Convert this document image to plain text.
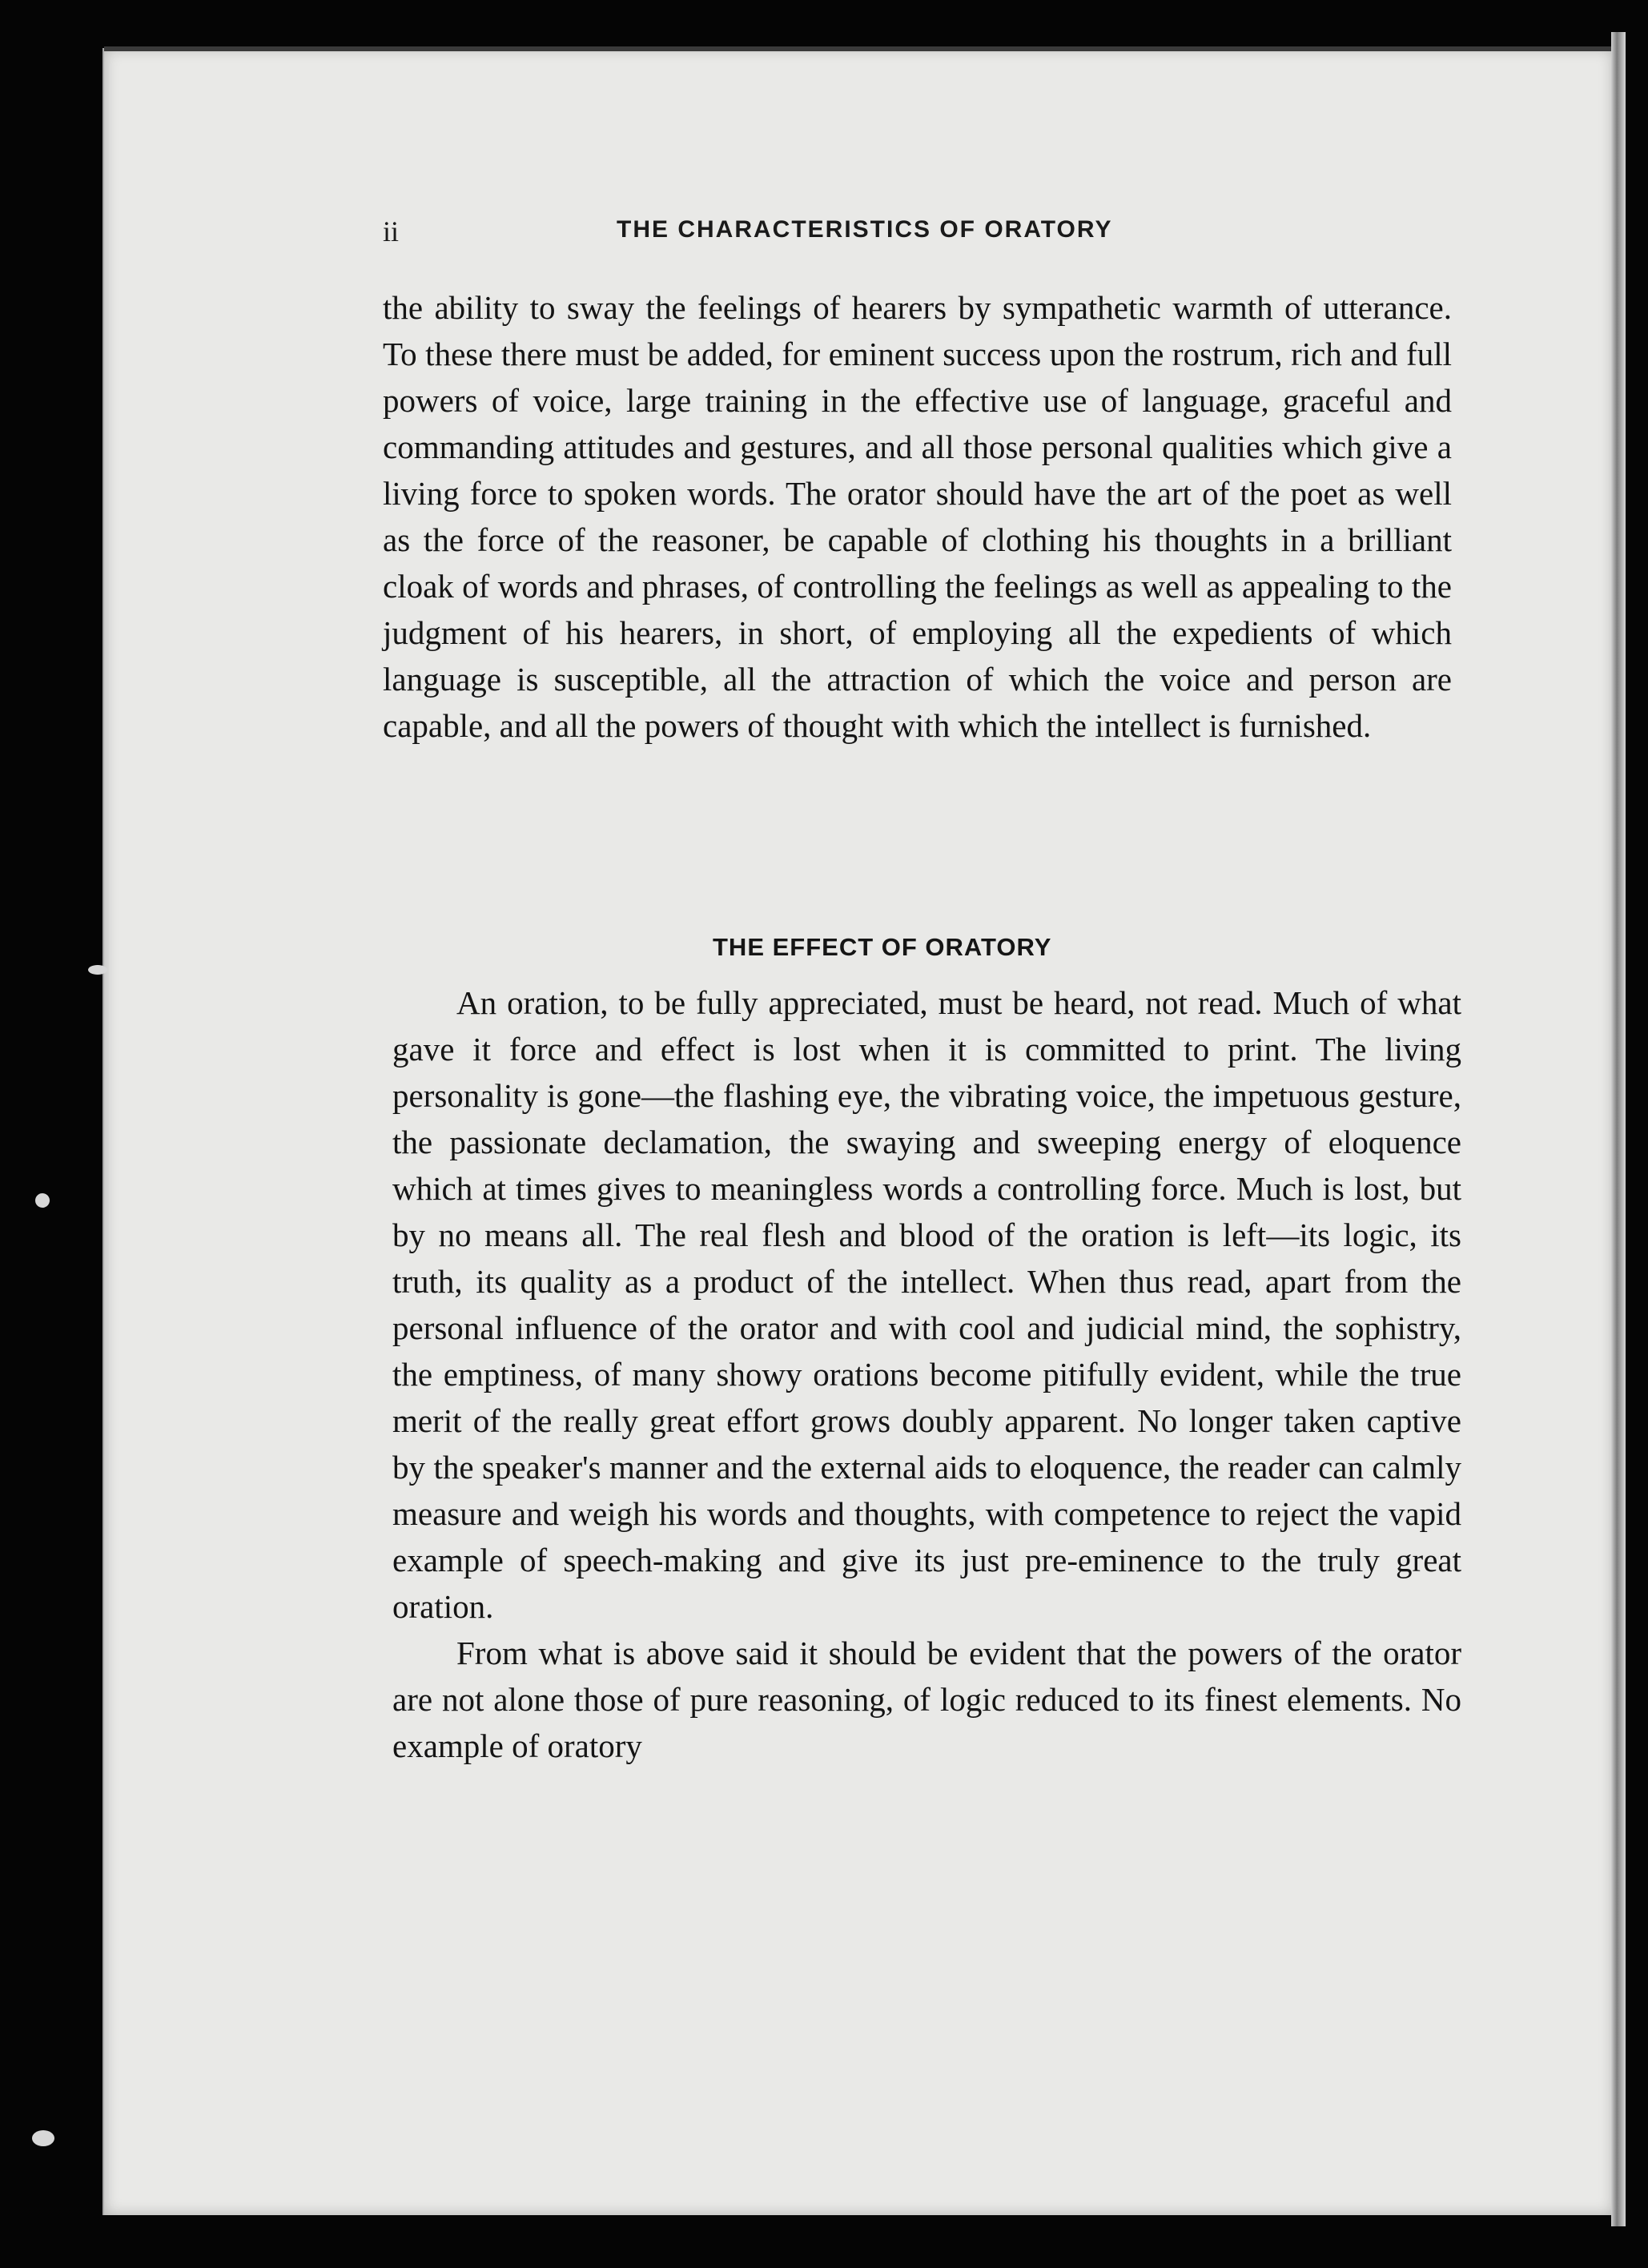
ii	THE CHARACTERISTICS OF ORATORY

the ability to sway the feelings of hearers by sympathetic warmth of utterance. To these there must be added, for eminent success upon the rostrum, rich and full powers of voice, large training in the effective use of language, graceful and commanding attitudes and gestures, and all those personal qualities which give a living force to spoken words. The orator should have the art of the poet as well as the force of the reasoner, be capable of clothing his thoughts in a brilliant cloak of words and phrases, of controlling the feelings as well as appealing to the judgment of his hearers, in short, of employing all the expedients of which language is susceptible, all the attraction of which the voice and person are capable, and all the powers of thought with which the intellect is furnished.

THE EFFECT OF ORATORY

An oration, to be fully appreciated, must be heard, not read. Much of what gave it force and effect is lost when it is committed to print. The living personality is gone—the flashing eye, the vibrating voice, the impetuous gesture, the passionate declamation, the swaying and sweeping energy of eloquence which at times gives to meaningless words a controlling force. Much is lost, but by no means all. The real flesh and blood of the oration is left—its logic, its truth, its quality as a product of the intellect. When thus read, apart from the personal influence of the orator and with cool and judicial mind, the sophistry, the emptiness, of many showy orations become pitifully evident, while the true merit of the really great effort grows doubly apparent. No longer taken captive by the speaker's manner and the external aids to eloquence, the reader can calmly measure and weigh his words and thoughts, with competence to reject the vapid example of speech-making and give its just pre-eminence to the truly great oration.

From what is above said it should be evident that the powers of the orator are not alone those of pure reasoning, of logic reduced to its finest elements. No example of oratory
